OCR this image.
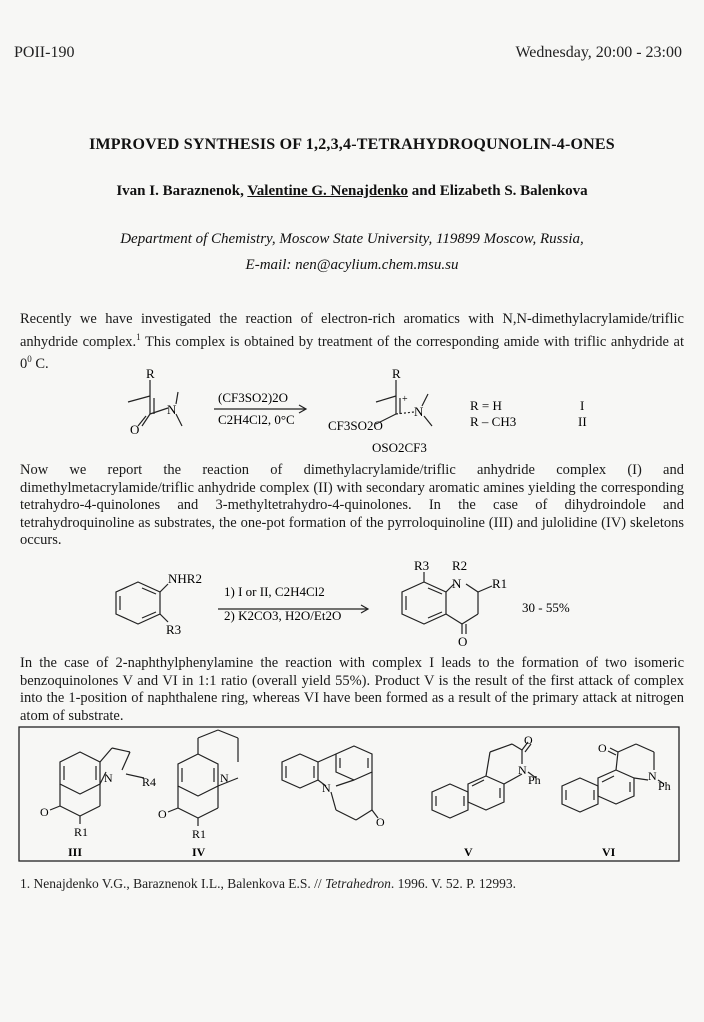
PОII-190	Wednesday, 20:00 - 23:00
IMPROVED SYNTHESIS OF 1,2,3,4-TETRAHYDROQUNOLIN-4-ONES
Ivan I. Baraznenok, Valentine G. Nenajdenko and Elizabeth S. Balenkova
Department of Chemistry, Moscow State University, 119899 Moscow, Russia,
E-mail: nen@acylium.chem.msu.su
Recently we have investigated the reaction of electron-rich aromatics with N,N-dimethylacrylamide/triflic anhydride complex.$^1$ This complex is obtained by treatment of the corresponding amide with triflic anhydride at $0^0$ C.
R
O
N
(CF3SO2)2O
C2H4Cl2, 0°C
R
+
N
CF3SO2O
OSO2CF3
R = H
R – CH3
I
II
Now we report the reaction of dimethylacrylamide/triflic anhydride complex (I) and dimethylmetacrylamide/triflic anhydride complex (II) with secondary aromatic amines yielding the corresponding tetrahydro-4-quinolones and 3-methyltetrahydro-4-quinolones. In the case of dihydroindole and tetrahydroquinoline as substrates, the one-pot formation of the pyrroloquinoline (III) and julolidine (IV) skeletons occurs.
NHR2
R3
1) I or II, C2H4Cl2
2) K2CO3, H2O/Et2O
R3 R2
N R1
O
30 - 55%
In the case of 2-naphthylphenylamine the reaction with complex I leads to the formation of two isomeric benzoquinolones V and VI in 1:1 ratio (overall yield 55%). Product V is the result of the first attack of complex into the 1-position of naphthalene ring, whereas VI have been formed as a result of the primary attack at nitrogen atom of substrate.
N R4
O
R1
III
N
O
R1
IV
N
O
O
N
Ph
V
O
N
Ph
VI
1. Nenajdenko V.G., Baraznenok I.L., Balenkova E.S. // Tetrahedron. 1996. V. 52. P. 12993.
